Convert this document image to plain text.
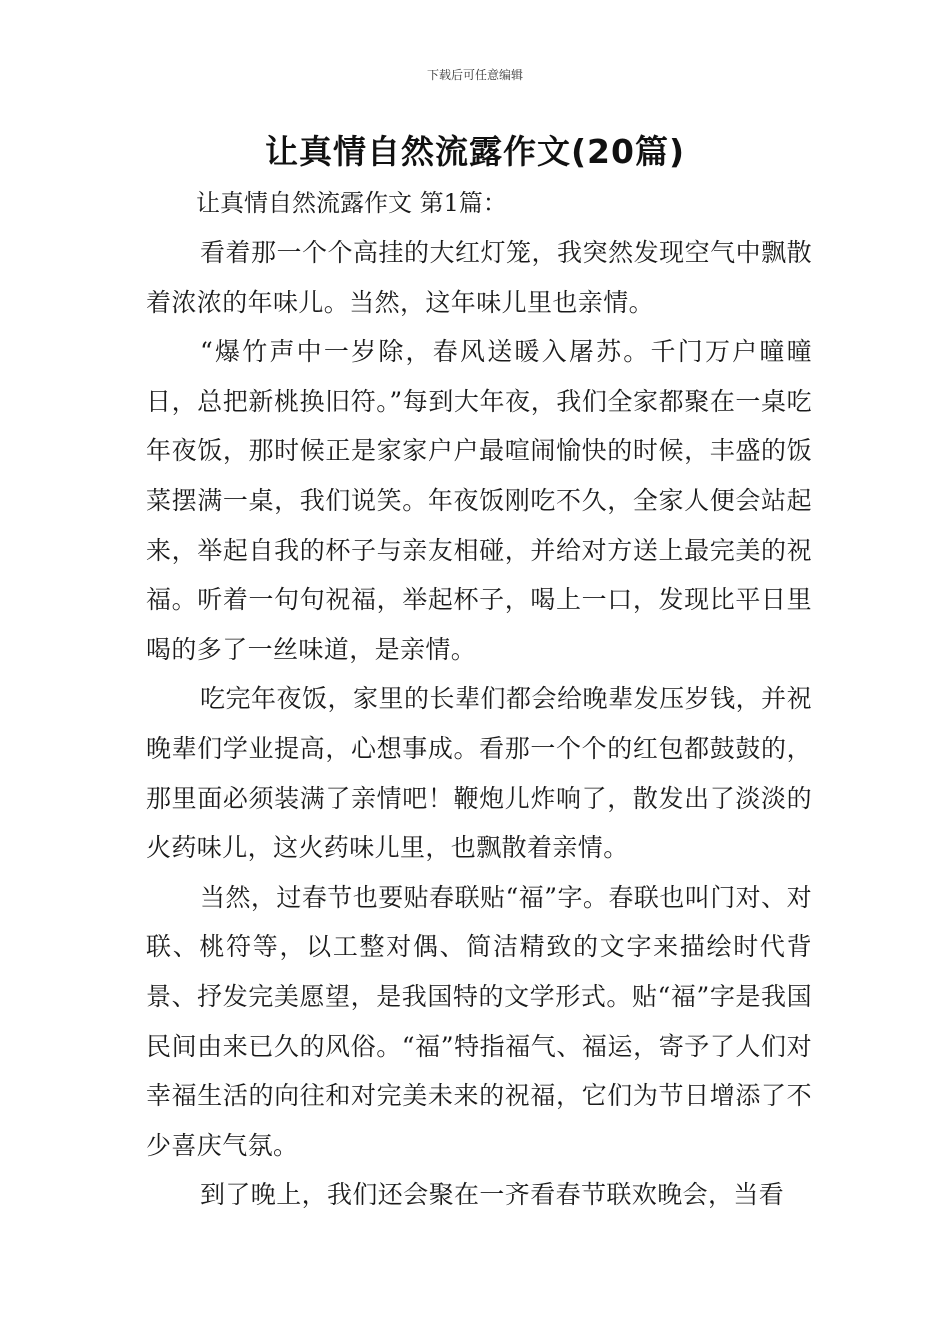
下载后可任意编辑
让真情自然流露作文(20篇)
让真情自然流露作文 第1篇：

看着那一个个高挂的大红灯笼，我突然发现空气中飘散着浓浓的年味儿。当然，这年味儿里也亲情。

“爆竹声中一岁除，春风送暖入屠苏。千门万户曈曈日，总把新桃换旧符。”每到大年夜，我们全家都聚在一桌吃年夜饭，那时候正是家家户户最喧闹愉快的时候，丰盛的饭菜摆满一桌，我们说笑。年夜饭刚吃不久，全家人便会站起来，举起自我的杯子与亲友相碰，并给对方送上最完美的祝福。听着一句句祝福，举起杯子，喝上一口，发现比平日里喝的多了一丝味道，是亲情。

吃完年夜饭，家里的长辈们都会给晚辈发压岁钱，并祝晚辈们学业提高，心想事成。看那一个个的红包都鼓鼓的，那里面必须装满了亲情吧！鞭炮儿炸响了，散发出了淡淡的火药味儿，这火药味儿里，也飘散着亲情。

当然，过春节也要贴春联贴“福”字。春联也叫门对、对联、桃符等，以工整对偶、简洁精致的文字来描绘时代背景、抒发完美愿望，是我国特的文学形式。贴“福”字是我国民间由来已久的风俗。“福”特指福气、福运，寄予了人们对幸福生活的向往和对完美未来的祝福，它们为节日增添了不少喜庆气氛。

到了晚上，我们还会聚在一齐看春节联欢晚会，当看
